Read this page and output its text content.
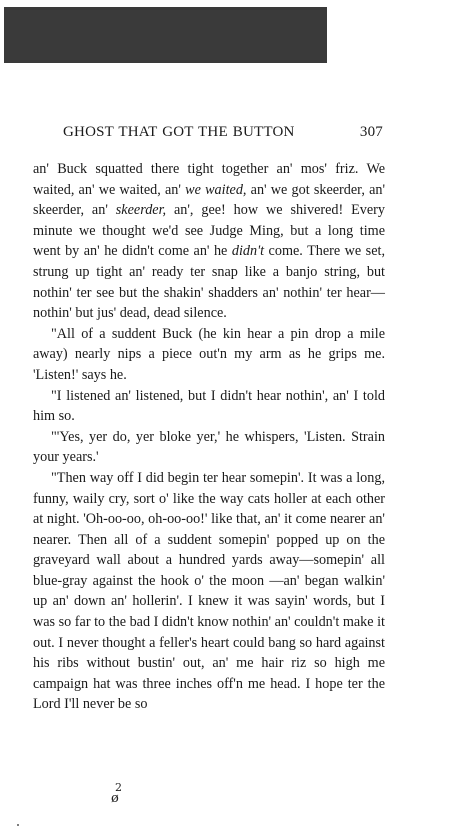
GHOST THAT GOT THE BUTTON	307

an' Buck squatted there tight together an' mos' friz. We waited, an' we waited, an' we waited, an' we got skeerder, an' skeerder, an' skeerder, an', gee! how we shivered! Every minute we thought we'd see Judge Ming, but a long time went by an' he didn't come an' he didn't come. There we set, strung up tight an' ready ter snap like a banjo string, but nothin' ter see but the shakin' shadders an' nothin' ter hear—nothin' but jus' dead, dead silence.

"All of a suddent Buck (he kin hear a pin drop a mile away) nearly nips a piece out'n my arm as he grips me. 'Listen!' says he.

"I listened an' listened, but I didn't hear nothin', an' I told him so.

"'Yes, yer do, yer bloke yer,' he whispers, 'Listen. Strain your years.'

"Then way off I did begin ter hear somepin'. It was a long, funny, waily cry, sort o' like the way cats holler at each other at night. 'Oh-oo-oo, oh-oo-oo!' like that, an' it come nearer an' nearer. Then all of a suddent somepin' popped up on the graveyard wall about a hundred yards away—somepin' all blue-gray against the hook o' the moon —an' began walkin' up an' down an' hollerin'. I knew it was sayin' words, but I was so far to the bad I didn't know nothin' an' couldn't make it out. I never thought a feller's heart could bang so hard against his ribs without bustin' out, an' me hair riz so high me campaign hat was three inches off'n me head. I hope ter the Lord I'll never be so

2
ø
